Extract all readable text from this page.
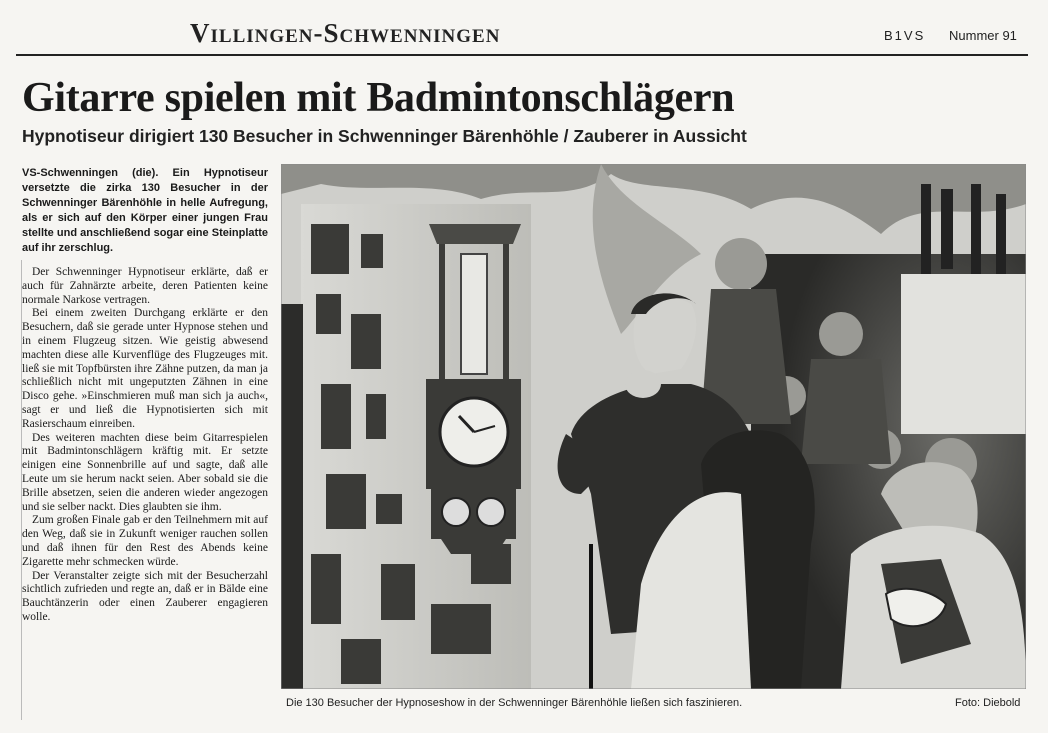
Villingen-Schwenningen	B1VS Nummer 91
Gitarre spielen mit Badmintonschlägern
Hypnotiseur dirigiert 130 Besucher in Schwenninger Bärenhöhle / Zauberer in Aussicht

VS-Schwenningen (die). Ein Hypnotiseur versetzte die zirka 130 Besucher in der Schwenninger Bärenhöhle in helle Aufregung, als er sich auf den Körper einer jungen Frau stellte und anschließend sogar eine Steinplatte auf ihr zerschlug.

Der Schwenninger Hypnotiseur erklärte, daß er auch für Zahnärzte arbeite, deren Patienten keine normale Narkose vertragen.

Bei einem zweiten Durchgang erklärte er den Besuchern, daß sie gerade unter Hypnose stehen und in einem Flugzeug sitzen. Wie geistig abwesend machten diese alle Kurvenflüge des Flugzeuges mit. ließ sie mit Topfbürsten ihre Zähne putzen, da man ja schließlich nicht mit ungeputzten Zähnen in eine Disco gehe. »Einschmieren muß man sich ja auch«, sagt er und ließ die Hypnotisierten sich mit Rasierschaum einreiben.

Des weiteren machten diese beim Gitarrespielen mit Badmintonschlägern kräftig mit. Er setzte einigen eine Sonnenbrille auf und sagte, daß alle Leute um sie herum nackt seien. Aber sobald sie die Brille absetzen, seien die anderen wieder angezogen und sie selber nackt. Dies glaubten sie ihm.

Zum großen Finale gab er den Teilnehmern mit auf den Weg, daß sie in Zukunft weniger rauchen sollen und daß ihnen für den Rest des Abends keine Zigarette mehr schmecken würde.

Der Veranstalter zeigte sich mit der Besucherzahl sichtlich zufrieden und regte an, daß er in Bälde eine Bauchtänzerin oder einen Zauberer engagieren wolle.

Die 130 Besucher der Hypnoseshow in der Schwenninger Bärenhöhle ließen sich faszinieren.	Foto: Diebold
